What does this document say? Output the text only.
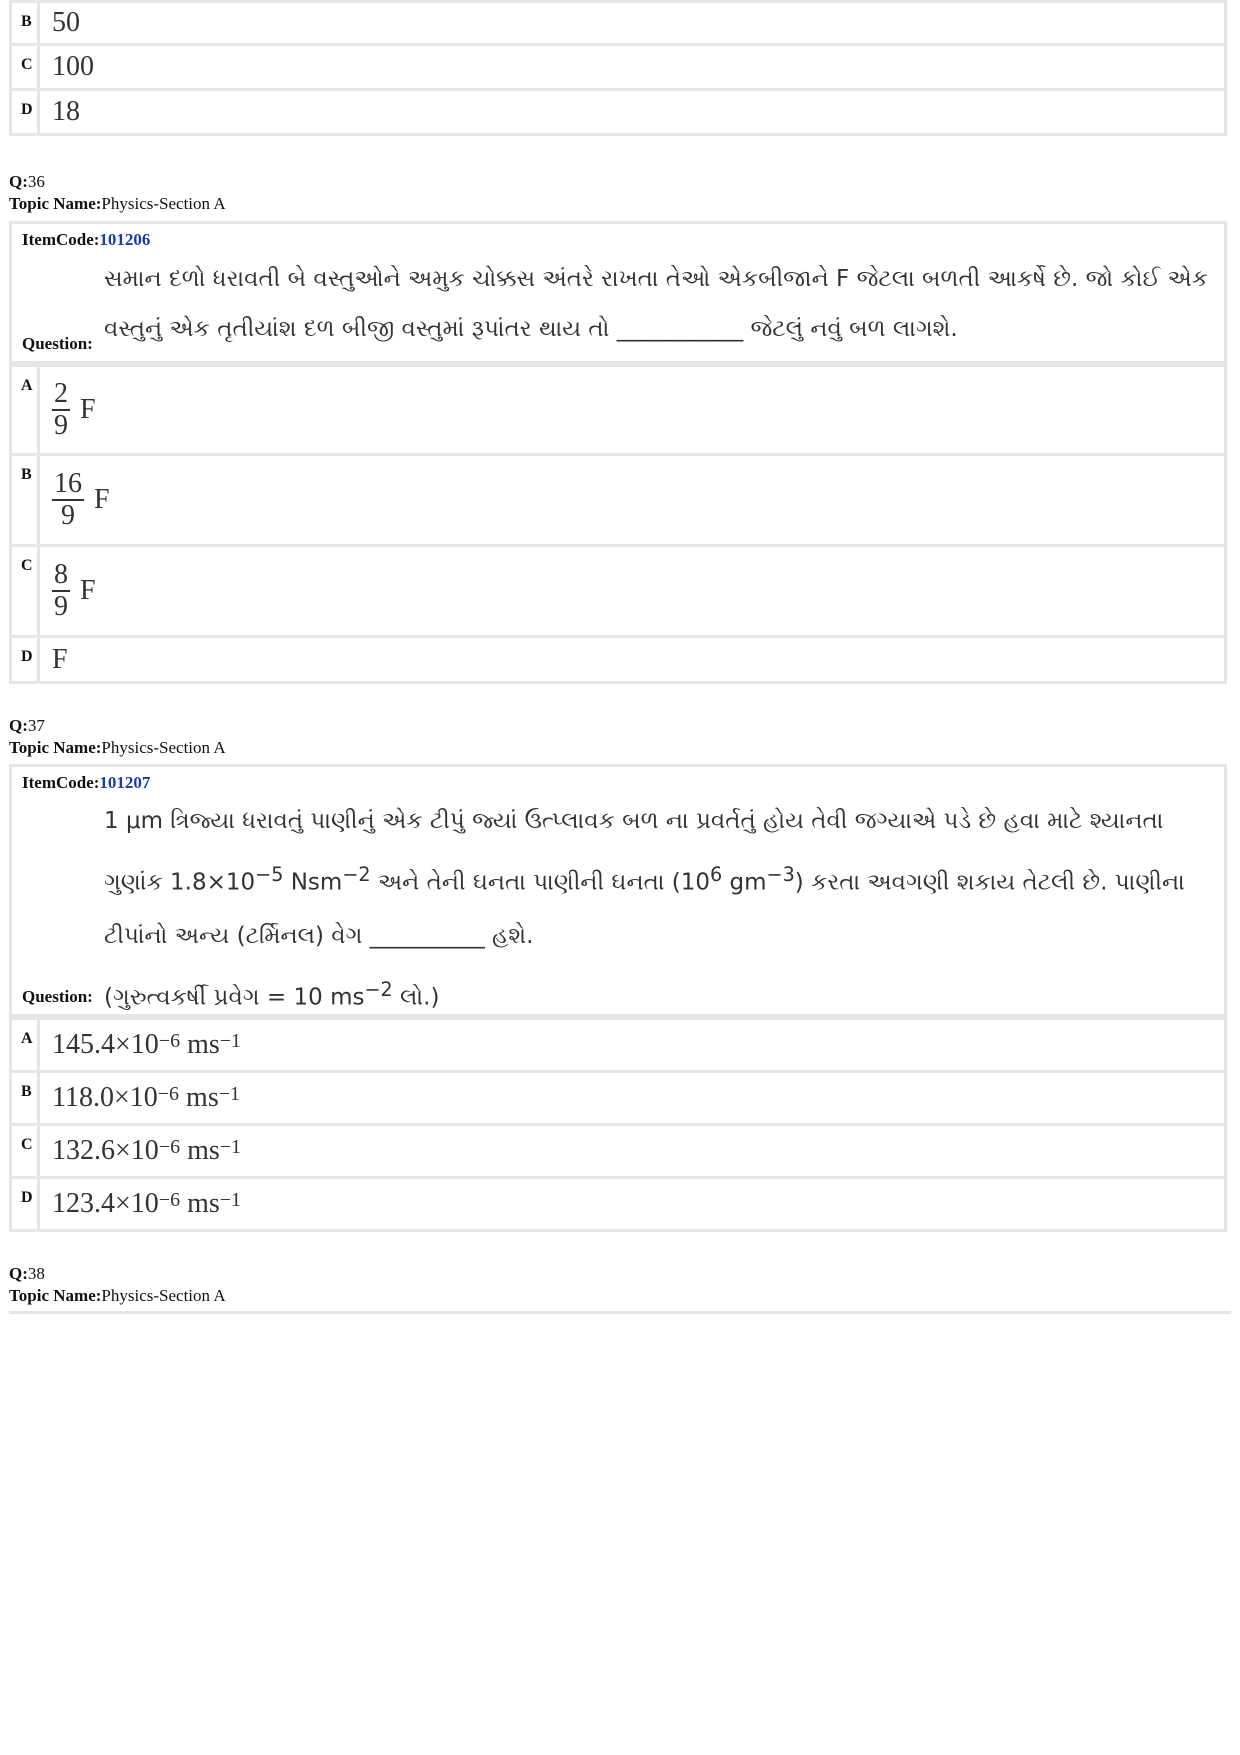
B 50
C 100
D 18
Q:36
Topic Name:Physics-Section A
ItemCode:101206
સમાન દળો ધરાવતી બે વસ્તુઓને અમુક ચોક્કસ અંતરે રાખતા તેઓ એકબીજાને F જેટલા બળતી આકર્ષે છે. જો કોઈ એક
વસ્તુનું એક તૃતીયાંશ દળ બીજી વસ્તુમાં રૂપાંતર થાય તો ___________ જેટલું નવું બળ લાગશે.
Question:
A $\frac{2}{9}$ F
B $\frac{16}{9}$ F
C $\frac{8}{9}$ F
D F
Q:37
Topic Name:Physics-Section A
ItemCode:101207
1 μm ત્રિજ્યા ધરાવતું પાણીનું એક ટીપું જ્યાં ઉત્પ્લાવક બળ ના પ્રવર્તતું હોય તેવી જગ્યાએ પડે છે હવા માટે શ્યાનતા
ગુણાંક $1.8\times 10^{-5}$ Nsm$^{-2}$ અને તેની ઘનતા પાણીની ઘનતા ($10^6$ $gm^{-3}$) કરતા અવગણી શકાય તેટલી છે. પાણીના
ટીપાંનો અન્ય (ટર્મિનલ) વેગ __________ હશે.
(ગુરુત્વકર્ષી પ્રવેગ = 10 $ms^{-2}$ લો.)
Question:
A $145.4 \times 10^{-6}$
$ms^{-1}$
B $118.0 \times 10^{-6}$
$ms^{-1}$
C $132.6 \times 10^{-6}$
$ms^{-1}$
D $123.4 \times 10^{-6}$
$ms^{-1}$
Q:38
Topic Name:Physics-Section A
